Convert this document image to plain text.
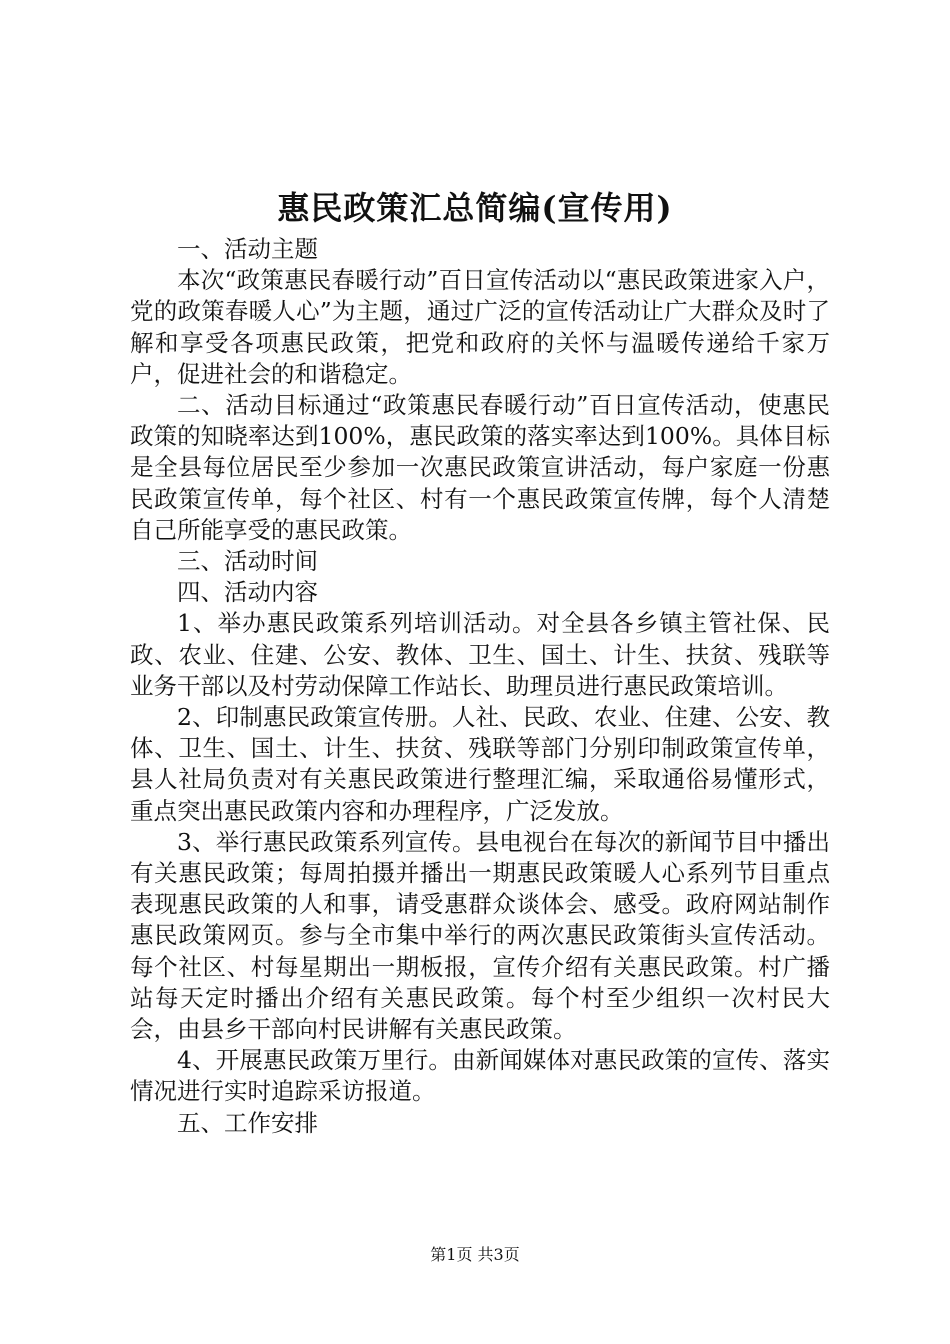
惠民政策汇总简编(宣传用)

一、活动主题

本次“政策惠民春暖行动”百日宣传活动以“惠民政策进家入户，党的政策春暖人心”为主题，通过广泛的宣传活动让广大群众及时了解和享受各项惠民政策，把党和政府的关怀与温暖传递给千家万户，促进社会的和谐稳定。

二、活动目标通过“政策惠民春暖行动”百日宣传活动，使惠民政策的知晓率达到100%，惠民政策的落实率达到100%。具体目标是全县每位居民至少参加一次惠民政策宣讲活动，每户家庭一份惠民政策宣传单，每个社区、村有一个惠民政策宣传牌，每个人清楚自己所能享受的惠民政策。

三、活动时间

四、活动内容

1、举办惠民政策系列培训活动。对全县各乡镇主管社保、民政、农业、住建、公安、教体、卫生、国土、计生、扶贫、残联等业务干部以及村劳动保障工作站长、助理员进行惠民政策培训。

2、印制惠民政策宣传册。人社、民政、农业、住建、公安、教体、卫生、国土、计生、扶贫、残联等部门分别印制政策宣传单，县人社局负责对有关惠民政策进行整理汇编，采取通俗易懂形式，重点突出惠民政策内容和办理程序，广泛发放。

3、举行惠民政策系列宣传。县电视台在每次的新闻节目中播出有关惠民政策；每周拍摄并播出一期惠民政策暖人心系列节目重点表现惠民政策的人和事，请受惠群众谈体会、感受。政府网站制作惠民政策网页。参与全市集中举行的两次惠民政策街头宣传活动。每个社区、村每星期出一期板报，宣传介绍有关惠民政策。村广播站每天定时播出介绍有关惠民政策。每个村至少组织一次村民大会，由县乡干部向村民讲解有关惠民政策。

4、开展惠民政策万里行。由新闻媒体对惠民政策的宣传、落实情况进行实时追踪采访报道。

五、工作安排

第1页 共3页
